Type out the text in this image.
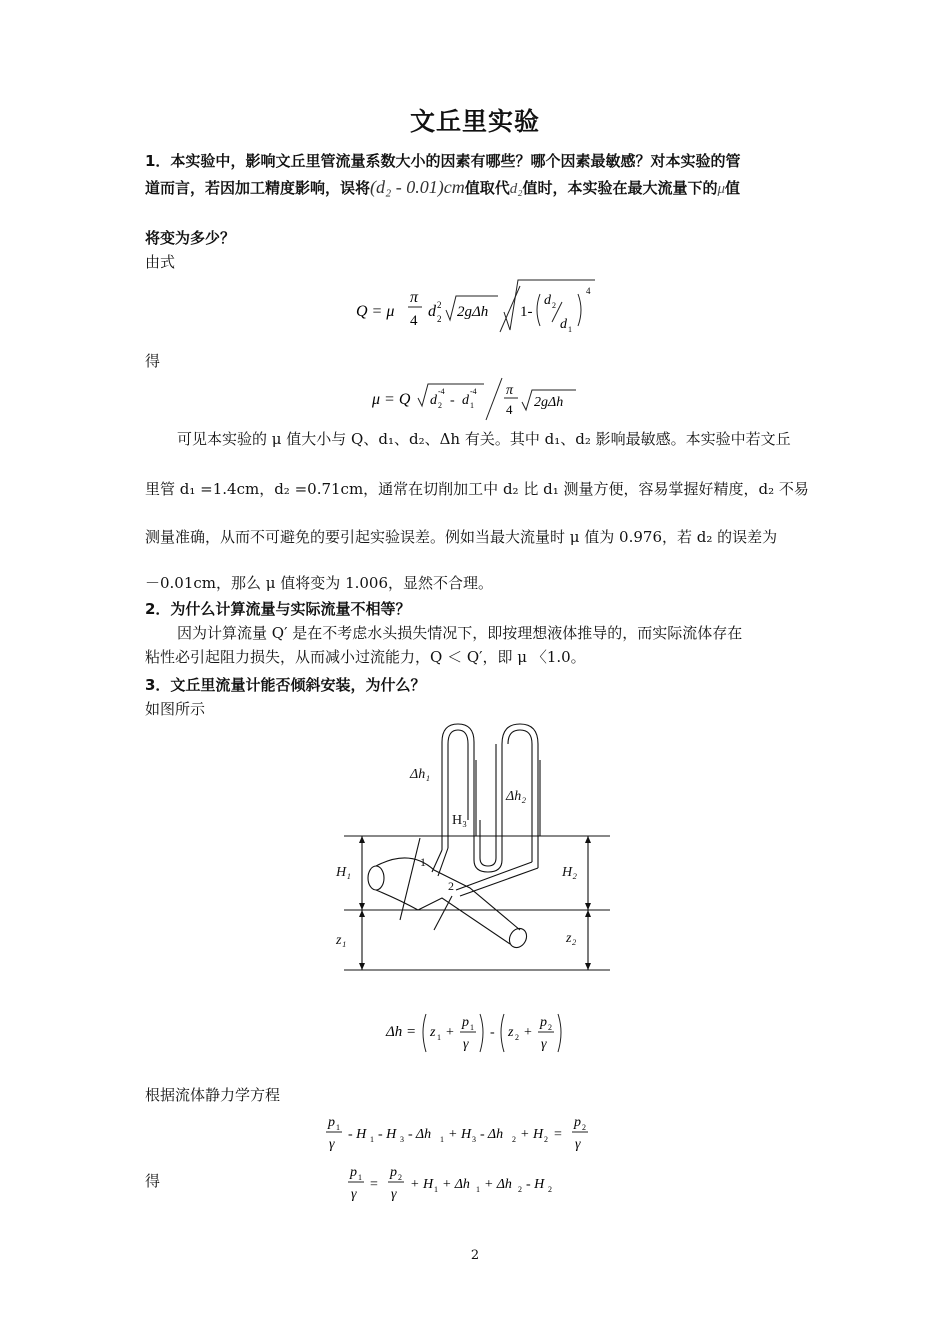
文丘里实验
1．本实验中，影响文丘里管流量系数大小的因素有哪些？哪个因素最敏感？对本实验的管
道而言，若因加工精度影响，误将(d₂ - 0.01)cm值取代d₂值时，本实验在最大流量下的μ值
将变为多少？
由式
Q = μ
π
4
d 2
2 2gΔh 1-
d 2
d 1
4
得
μ = Q d 2
-4
- d 1
-4 π
4 2gΔh
可见本实验的 μ 值大小与 Q、d₁、d₂、Δh 有关。其中 d₁、d₂ 影响最敏感。本实验中若文丘
里管 d₁ =1.4cm，d₂ =0.71cm，通常在切削加工中 d₂ 比 d₁ 测量方便，容易掌握好精度，d₂ 不易
测量准确，从而不可避免的要引起实验误差。例如当最大流量时 μ 值为 0.976，若 d₂ 的误差为
－0.01cm，那么 μ 值将变为 1.006，显然不合理。
2．为什么计算流量与实际流量不相等？
因为计算流量 Q′ 是在不考虑水头损失情况下，即按理想液体推导的，而实际流体存在
粘性必引起阻力损失，从而减小过流能力，Q ＜ Q′，即 μ 〈1.0。
3．文丘里流量计能否倾斜安装，为什么？
如图所示
Δh₁
Δh₂
H₃
H₁	H₂
z₁	z₂
1
2
Δh = z 1 +
p 1
γ
- z 2 +
p 2
γ
根据流体静力学方程
p 1
γ
- H 1 - H 3 - Δh 1 + H 3 - Δh 2 + H 2 =
p 2
γ
得	p 1
γ
=
p 2
γ
+ H 1 + Δh 1 + Δh 2 - H 2
2
